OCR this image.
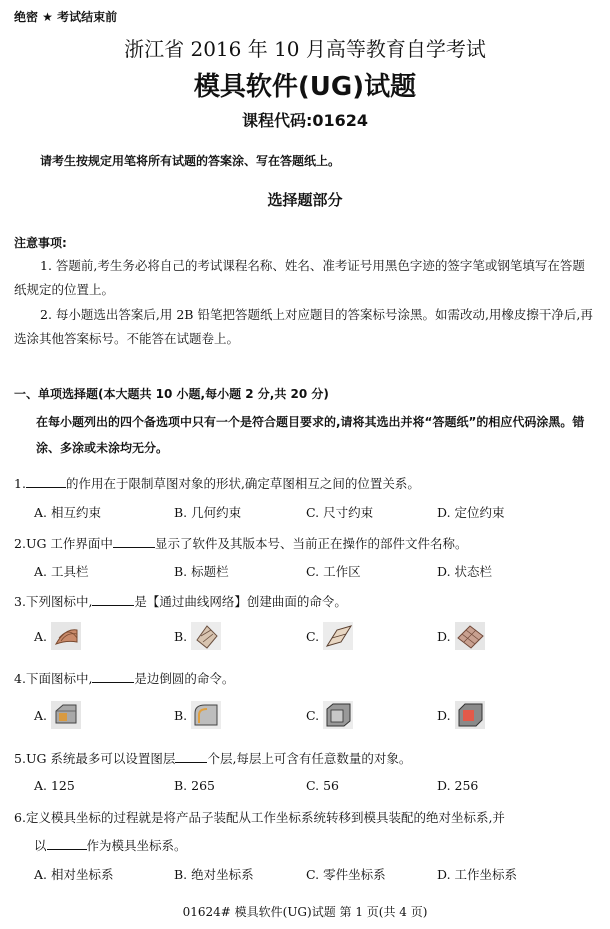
绝密 ★ 考试结束前
浙江省 2016 年 10 月高等教育自学考试
模具软件(UG)试题
课程代码:01624
请考生按规定用笔将所有试题的答案涂、写在答题纸上。
选择题部分
注意事项:
1. 答题前,考生务必将自己的考试课程名称、姓名、准考证号用黑色字迹的签字笔或钢笔填写在答题纸规定的位置上。
2. 每小题选出答案后,用 2B 铅笔把答题纸上对应题目的答案标号涂黑。如需改动,用橡皮擦干净后,再选涂其他答案标号。不能答在试题卷上。
一、单项选择题(本大题共 10 小题,每小题 2 分,共 20 分)
在每小题列出的四个备选项中只有一个是符合题目要求的,请将其选出并将“答题纸”的相应代码涂黑。错涂、多涂或未涂均无分。
1.	的作用在于限制草图对象的形状,确定草图相互之间的位置关系。
A. 相互约束	B. 几何约束	C. 尺寸约束	D. 定位约束
2.UG 工作界面中	显示了软件及其版本号、当前正在操作的部件文件名称。
A. 工具栏	B. 标题栏	C. 工作区	D. 状态栏
3.下列图标中,	是【通过曲线网络】创建曲面的命令。
A.	B.	C.	D.
4.下面图标中,	是边倒圆的命令。
A.	B.	C.	D.
5.UG 系统最多可以设置图层	个层,每层上可含有任意数量的对象。
A. 125	B. 265	C. 56	D. 256
6.定义模具坐标的过程就是将产品子装配从工作坐标系统转移到模具装配的绝对坐标系,并
以	作为模具坐标系。
A. 相对坐标系	B. 绝对坐标系	C. 零件坐标系	D. 工作坐标系
01624# 模具软件(UG)试题 第 1 页(共 4 页)
